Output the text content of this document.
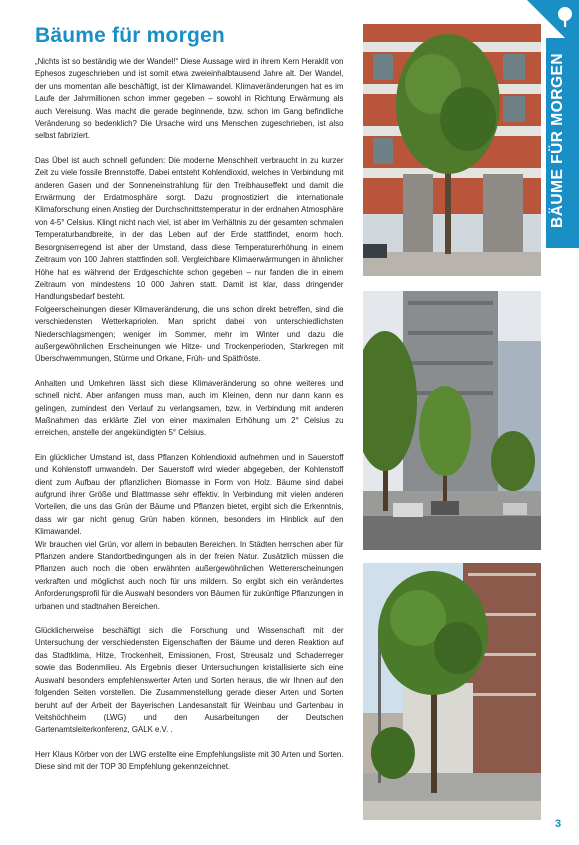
Bäume für morgen

„Nichts ist so beständig wie der Wandel!“ Diese Aussage wird in ihrem Kern Heraklit von Ephesos zugeschrieben und ist somit etwa zweieinhalbtausend Jahre alt. Der Wandel, der uns momentan alle beschäftigt, ist der Klimawandel. Klimaveränderungen hat es im Laufe der Jahrmillionen schon immer gegeben – sowohl in Richtung Erwärmung als auch Vereisung. Was macht die gerade beginnende, bzw. schon im Gang befindliche Veränderung so bedenklich? Die Ursache wird uns Menschen zugeschrieben, ist also selbst fabriziert.

Das Übel ist auch schnell gefunden: Die moderne Menschheit verbraucht in zu kurzer Zeit zu viele fossile Brennstoffe. Dabei entsteht Kohlendioxid, welches in Verbindung mit anderen Gasen und der Sonneneinstrahlung für den Treibhauseffekt und damit die Erwärmung der Erdatmosphäre sorgt. Dazu prognostiziert die internationale Klimaforschung einen Anstieg der Durchschnittstemperatur in der erdnahen Atmosphäre von 4-5° Celsius. Klingt nicht nach viel, ist aber im Verhältnis zu der gesamten schmalen Temperaturbandbreite, in der das Leben auf der Erde stattfindet, enorm hoch. Besorgniserregend ist aber der Umstand, dass diese Temperaturerhöhung in einem Zeitraum von 100 Jahren stattfinden soll. Vergleichbare Klimaerwärmungen in ähnlicher Höhe hat es während der Erdgeschichte schon gegeben – nur fanden die in einem Zeitraum von mindestens 10 000 Jahren statt. Damit ist klar, dass dringender Handlungsbedarf besteht.

Folgeerscheinungen dieser Klimaveränderung, die uns schon direkt betreffen, sind die verschiedensten Wetterkapriolen. Man spricht dabei von unterschiedlichsten Niederschlagsmengen; weniger im Sommer, mehr im Winter und dazu die außergewöhnlichen Erscheinungen wie Hitze- und Trockenperioden, Starkregen mit Überschwemmungen, Stürme und Orkane, Früh- und Spätfröste.

Anhalten und Umkehren lässt sich diese Klimaveränderung so ohne weiteres und schnell nicht. Aber anfangen muss man, auch im Kleinen, denn nur dann kann es gelingen, zumindest den Verlauf zu verlangsamen, bzw. in Verbindung mit anderen Maßnahmen das erklärte Ziel von einer maximalen Erhöhung um 2° Celsius zu erreichen, anstelle der angekündigten 5° Celsius.

Ein glücklicher Umstand ist, dass Pflanzen Kohlendioxid aufnehmen und in Sauerstoff und Kohlenstoff umwandeln. Der Sauerstoff wird wieder abgegeben, der Kohlenstoff dient zum Aufbau der pflanzlichen Biomasse in Form von Holz. Bäume sind dabei aufgrund ihrer Größe und Blattmasse sehr effektiv. In Verbindung mit vielen anderen Vorteilen, die uns das Grün der Bäume und Pflanzen bietet, ergibt sich die Erkenntnis, dass wir gar nicht genug Grün haben können, besonders im Hinblick auf den Klimawandel.

Wir brauchen viel Grün, vor allem in bebauten Bereichen. In Städten herrschen aber für Pflanzen andere Standortbedingungen als in der freien Natur. Zusätzlich müssen die Pflanzen auch noch die oben erwähnten außergewöhnlichen Wettererscheinungen verkraften und möglichst auch noch für uns mildern. So ergibt sich ein verändertes Anforderungsprofil für die Auswahl besonders von Bäumen für zukünftige Pflanzungen in urbanen und stadtnahen Bereichen.

Glücklicherweise beschäftigt sich die Forschung und Wissenschaft mit der Untersuchung der verschiedensten Eigenschaften der Bäume und deren Reaktion auf das Stadtklima, Hitze, Trockenheit, Emissionen, Frost, Streusalz und Schaderreger sowie das Bodenmilieu. Als Ergebnis dieser Untersuchungen kristallisierte sich eine Auswahl besonders empfehlenswerter Arten und Sorten heraus, die wir Ihnen auf den folgenden Seiten vorstellen. Die Zusammenstellung gerade dieser Arten und Sorten beruht auf der Arbeit der Bayerischen Landesanstalt für Weinbau und Gartenbau in Veitshöchheim (LWG) und den Ausarbeitungen der Deutschen Gartenamtsleiterkonferenz, GALK e.V. .

Herr Klaus Körber von der LWG erstellte eine Empfehlungsliste mit 30 Arten und Sorten. Diese sind mit der TOP 30 Empfehlung gekennzeichnet.

BÄUME FÜR MORGEN
3
